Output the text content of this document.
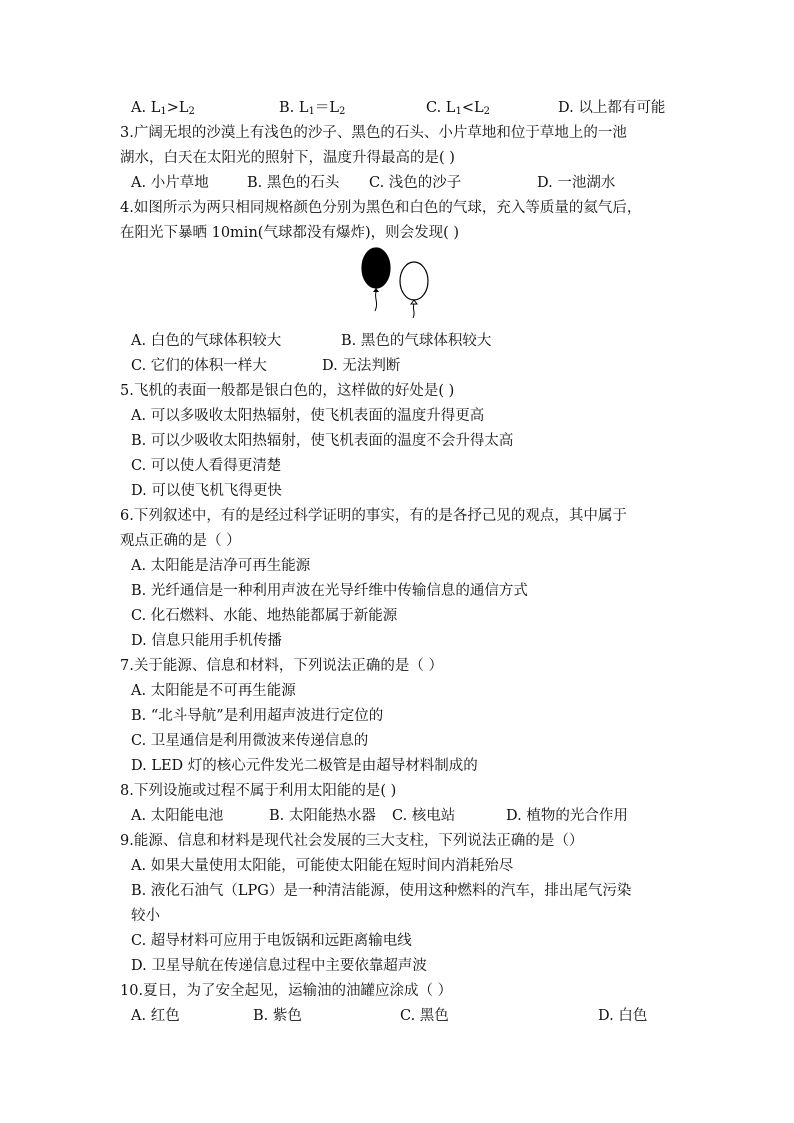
A. $L_1>L_2$	B. $L_1=L_2$	C. $L_1<L_2$	D. 以上都有可能
3.广阔无垠的沙漠上有浅色的沙子、黑色的石头、小片草地和位于草地上的一池
湖水，白天在太阳光的照射下，温度升得最高的是( )
A. 小片草地	B. 黑色的石头 C. 浅色的沙子	D. 一池湖水
4.如图所示为两只相同规格颜色分别为黑色和白色的气球，充入等质量的氦气后，
在阳光下暴晒 10min(气球都没有爆炸)，则会发现( )
A. 白色的气球体积较大	B. 黑色的气球体积较大
C. 它们的体积一样大	D. 无法判断
5.飞机的表面一般都是银白色的，这样做的好处是( )
A. 可以多吸收太阳热辐射，使飞机表面的温度升得更高
B. 可以少吸收太阳热辐射，使飞机表面的温度不会升得太高
C. 可以使人看得更清楚
D. 可以使飞机飞得更快
6.下列叙述中，有的是经过科学证明的事实，有的是各抒己见的观点，其中属于
观点正确的是（ ）
A. 太阳能是洁净可再生能源
B. 光纤通信是一种利用声波在光导纤维中传输信息的通信方式
C. 化石燃料、水能、地热能都属于新能源
D. 信息只能用手机传播
7.关于能源、信息和材料，下列说法正确的是（ ）
A. 太阳能是不可再生能源
B. “北斗导航”是利用超声波进行定位的
C. 卫星通信是利用微波来传递信息的
D. LED 灯的核心元件发光二极管是由超导材料制成的
8.下列设施或过程不属于利用太阳能的是( )
A. 太阳能电池	B. 太阳能热水器 C. 核电站	D. 植物的光合作用
9.能源、信息和材料是现代社会发展的三大支柱，下列说法正确的是（）
A. 如果大量使用太阳能，可能使太阳能在短时间内消耗殆尽
B. 液化石油气（LPG）是一种清洁能源，使用这种燃料的汽车，排出尾气污染
较小
C. 超导材料可应用于电饭锅和远距离输电线
D. 卫星导航在传递信息过程中主要依靠超声波
10.夏日，为了安全起见，运输油的油罐应涂成（ ）
A. 红色	B. 紫色	C. 黑色	D. 白色
